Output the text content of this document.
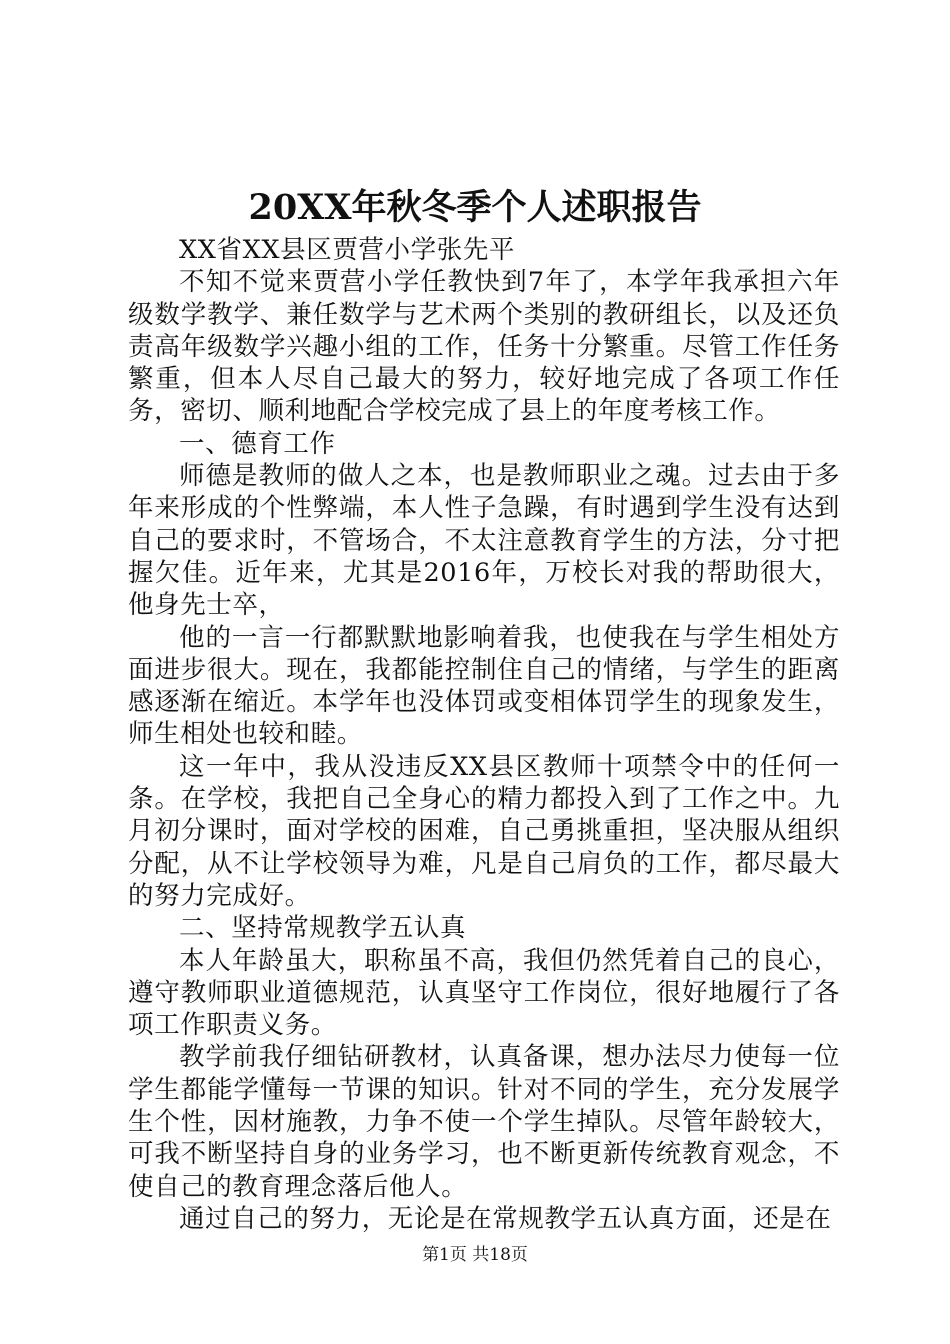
20XX年秋冬季个人述职报告

XX省XX县区贾营小学张先平

不知不觉来贾营小学任教快到7年了，本学年我承担六年级数学教学、兼任数学与艺术两个类别的教研组长，以及还负责高年级数学兴趣小组的工作，任务十分繁重。尽管工作任务繁重，但本人尽自己最大的努力，较好地完成了各项工作任务，密切、顺利地配合学校完成了县上的年度考核工作。

一、德育工作

师德是教师的做人之本，也是教师职业之魂。过去由于多年来形成的个性弊端，本人性子急躁，有时遇到学生没有达到自己的要求时，不管场合，不太注意教育学生的方法，分寸把握欠佳。近年来，尤其是2016年，万校长对我的帮助很大，他身先士卒，

他的一言一行都默默地影响着我，也使我在与学生相处方面进步很大。现在，我都能控制住自己的情绪，与学生的距离感逐渐在缩近。本学年也没体罚或变相体罚学生的现象发生，师生相处也较和睦。

这一年中，我从没违反XX县区教师十项禁令中的任何一条。在学校，我把自己全身心的精力都投入到了工作之中。九月初分课时，面对学校的困难，自己勇挑重担，坚决服从组织分配，从不让学校领导为难，凡是自己肩负的工作，都尽最大的努力完成好。

二、坚持常规教学五认真

本人年龄虽大，职称虽不高，我但仍然凭着自己的良心，遵守教师职业道德规范，认真坚守工作岗位，很好地履行了各项工作职责义务。

教学前我仔细钻研教材，认真备课，想办法尽力使每一位学生都能学懂每一节课的知识。针对不同的学生，充分发展学生个性，因材施教，力争不使一个学生掉队。尽管年龄较大，可我不断坚持自身的业务学习，也不断更新传统教育观念，不使自己的教育理念落后他人。

通过自己的努力，无论是在常规教学五认真方面，还是在

第1页 共18页
